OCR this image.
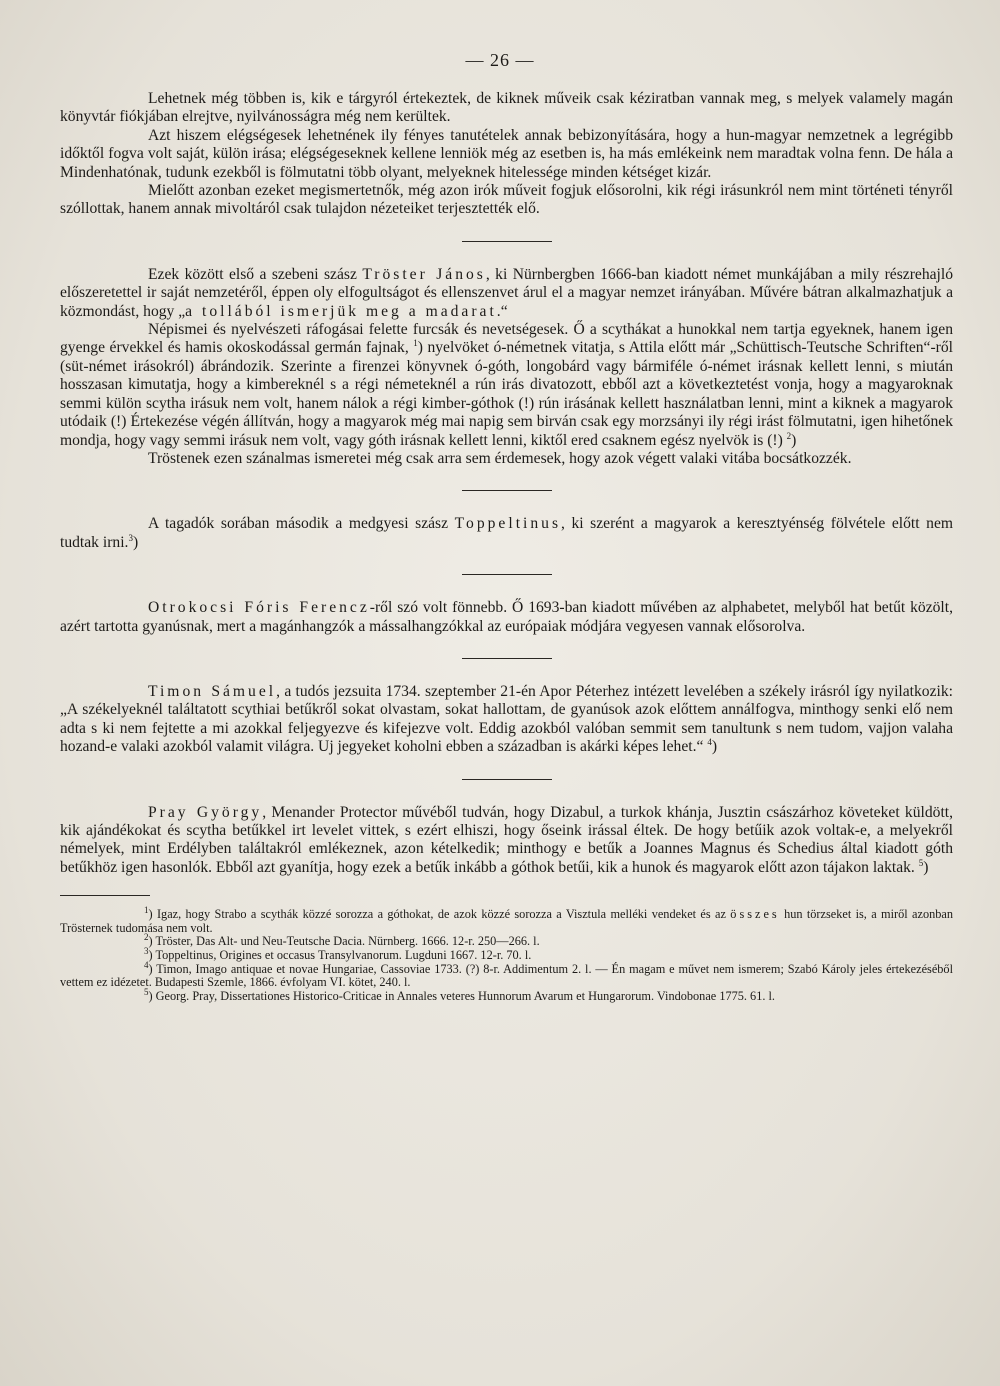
— 26 —

Lehetnek még többen is, kik e tárgyról értekeztek, de kiknek műveik csak kéziratban vannak meg, s melyek valamely magán könyvtár fiókjában elrejtve, nyilvánosságra még nem kerültek.

Azt hiszem elégségesek lehetnének ily fényes tanutételek annak bebizonyítására, hogy a hun-magyar nemzetnek a legrégibb időktől fogva volt saját, külön irása; elégségeseknek kellene lenniök még az esetben is, ha más emlékeink nem maradtak volna fenn. De hála a Mindenhatónak, tudunk ezekből is fölmutatni több olyant, melyeknek hitelessége minden kétséget kizár.

Mielőtt azonban ezeket megismertetnők, még azon irók műveit fogjuk elősorolni, kik régi irásunkról nem mint történeti tényről szóllottak, hanem annak mivoltáról csak tulajdon nézeteiket terjesztették elő.

Ezek között első a szebeni szász Tröster János, ki Nürnbergben 1666-ban kiadott német munkájában a mily részrehajló előszeretettel ir saját nemzetéről, éppen oly elfogultságot és ellenszenvet árul el a magyar nemzet irányában. Művére bátran alkalmazhatjuk a közmondást, hogy „a tollából ismerjük meg a madarat.“

Népismei és nyelvészeti ráfogásai felette furcsák és nevetségesek. Ő a scythákat a hunokkal nem tartja egyeknek, hanem igen gyenge érvekkel és hamis okoskodással germán fajnak, $^1$) nyelvöket ó-németnek vitatja, s Attila előtt már „Schüttisch-Teutsche Schriften“-ről (süt-német irásokról) ábrándozik. Szerinte a firenzei könyvnek ó-góth, longobárd vagy bármiféle ó-német irásnak kellett lenni, s miután hosszasan kimutatja, hogy a kimbereknél s a régi németeknél a rún irás divatozott, ebből azt a következtetést vonja, hogy a magyaroknak semmi külön scytha irásuk nem volt, hanem nálok a régi kimber-góthok (!) rún irásának kellett használatban lenni, mint a kiknek a magyarok utódaik (!) Értekezése végén állítván, hogy a magyarok még mai napig sem birván csak egy morzsányi ily régi irást fölmutatni, igen hihetőnek mondja, hogy vagy semmi irásuk nem volt, vagy góth irásnak kellett lenni, kiktől ered csaknem egész nyelvök is (!) $^2$)

Tröstenek ezen szánalmas ismeretei még csak arra sem érdemesek, hogy azok végett valaki vitába bocsátkozzék.

A tagadók sorában második a medgyesi szász Toppeltinus, ki szerént a magyarok a keresztyénség fölvétele előtt nem tudtak irni.$^3$)

Otrokocsi Fóris Ferencz-ről szó volt fönnebb. Ő 1693-ban kiadott művében az alphabetet, melyből hat betűt közölt, azért tartotta gyanúsnak, mert a magánhangzók a mássalhangzókkal az európaiak módjára vegyesen vannak elősorolva.

Timon Sámuel, a tudós jezsuita 1734. szeptember 21-én Apor Péterhez intézett levelében a székely irásról így nyilatkozik: „A székelyeknél találtatott scythiai betűkről sokat olvastam, sokat hallottam, de gyanúsok azok előttem annálfogva, minthogy senki elő nem adta s ki nem fejtette a mi azokkal feljegyezve és kifejezve volt. Eddig azokból valóban semmit sem tanultunk s nem tudom, vajjon valaha hozand-e valaki azokból valamit világra. Uj jegyeket koholni ebben a században is akárki képes lehet.“ $^4$)

Pray György, Menander Protector művéből tudván, hogy Dizabul, a turkok khánja, Jusztin császárhoz követeket küldött, kik ajándékokat és scytha betűkkel irt levelet vittek, s ezért elhiszi, hogy őseink irással éltek. De hogy betűik azok voltak-e, a melyekről némelyek, mint Erdélyben találtakról emlékeznek, azon kételkedik; minthogy e betűk a Joannes Magnus és Schedius által kiadott góth betűkhöz igen hasonlók. Ebből azt gyanítja, hogy ezek a betűk inkább a góthok betűi, kik a hunok és magyarok előtt azon tájakon laktak. $^5$)

$^1$) Igaz, hogy Strabo a scythák közzé sorozza a góthokat, de azok közzé sorozza a Visztula melléki vendeket és az összes hun törzseket is, a miről azonban Trösternek tudomása nem volt.

$^2$) Tröster, Das Alt- und Neu-Teutsche Dacia. Nürnberg. 1666. 12-r. 250—266. l.

$^3$) Toppeltinus, Origines et occasus Transylvanorum. Lugduni 1667. 12-r. 70. l.

$^4$) Timon, Imago antiquae et novae Hungariae, Cassoviae 1733. (?) 8-r. Addimentum 2. l. — Én magam e művet nem ismerem; Szabó Károly jeles értekezéséből vettem ez idézetet. Budapesti Szemle, 1866. évfolyam VI. kötet, 240. l.

$^5$) Georg. Pray, Dissertationes Historico-Criticae in Annales veteres Hunnorum Avarum et Hungarorum. Vindobonae 1775. 61. l.
